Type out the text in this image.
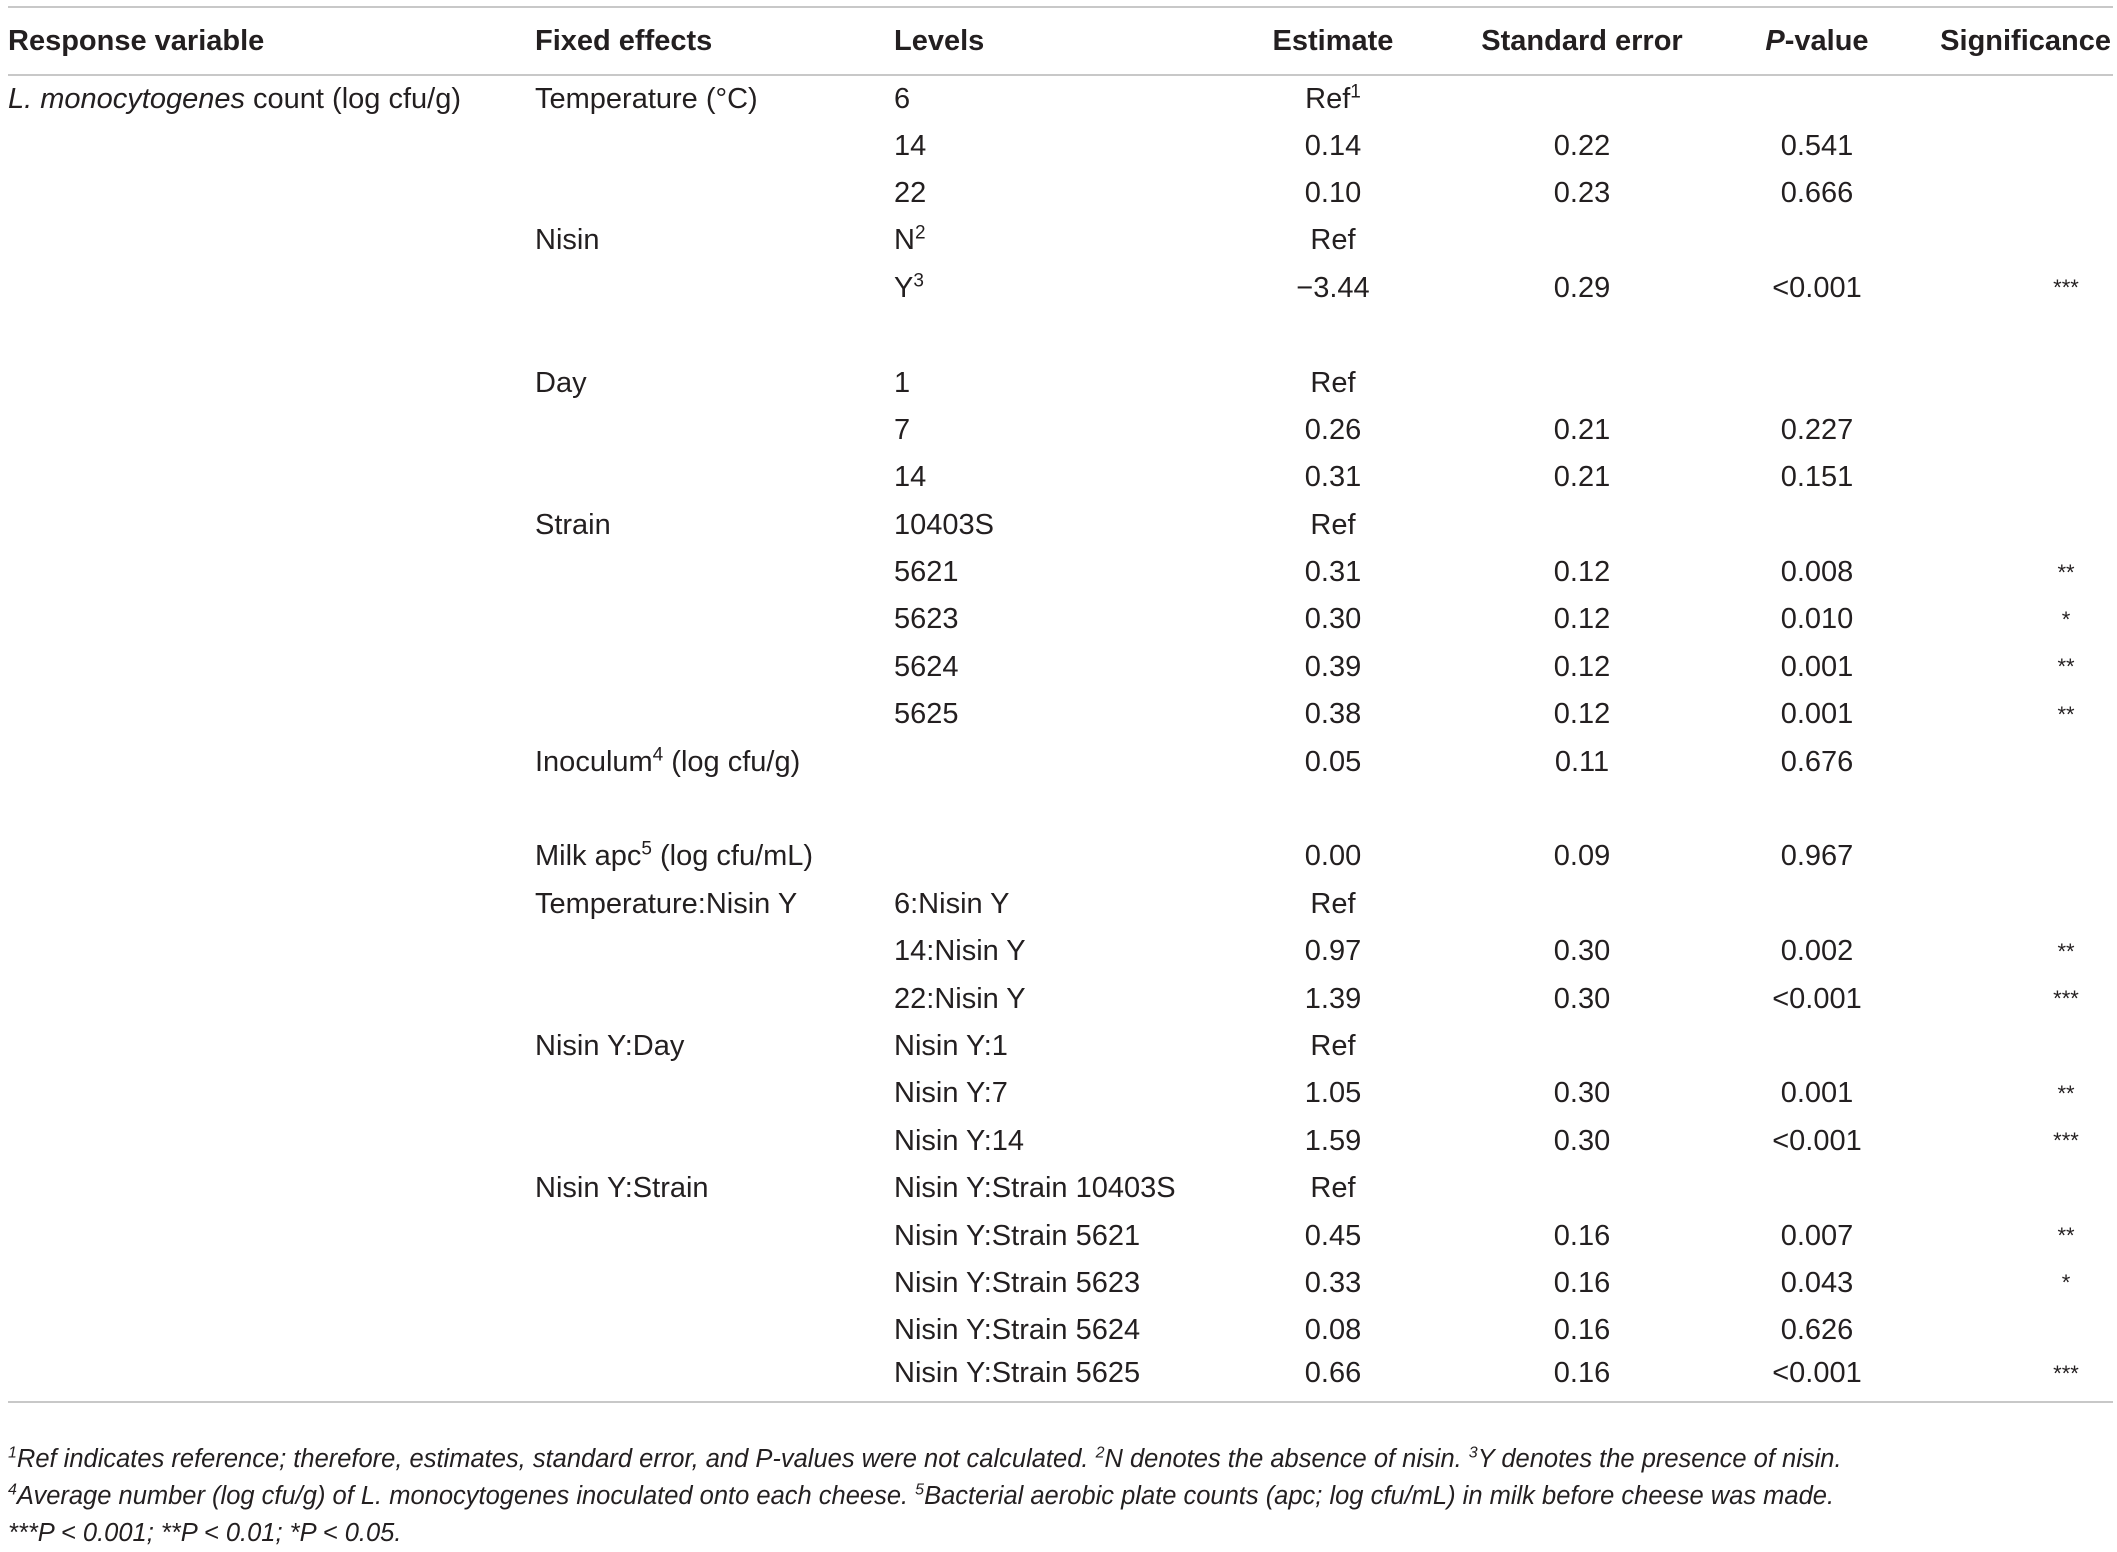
Response variable	Fixed effects	Levels	Estimate	Standard error	P-value	Significance
L. monocytogenes count (log cfu/g)	Temperature (°C)	6	Ref$^1$			
		14	0.14	0.22	0.541	
		22	0.10	0.23	0.666	
	Nisin	$N^2$	Ref			
		$Y^3$	−3.44	0.29	<0.001	***

	Day	1	Ref			
		7	0.26	0.21	0.227	
		14	0.31	0.21	0.151	
	Strain	10403S	Ref			
		5621	0.31	0.12	0.008	**
		5623	0.30	0.12	0.010	*
		5624	0.39	0.12	0.001	**
		5625	0.38	0.12	0.001	**
	Inoculum$^4$ (log cfu/g)		0.05	0.11	0.676	

	Milk apc$^5$ (log cfu/mL)		0.00	0.09	0.967	
	Temperature:Nisin Y	6:Nisin Y	Ref			
		14:Nisin Y	0.97	0.30	0.002	**
		22:Nisin Y	1.39	0.30	<0.001	***
	Nisin Y:Day	Nisin Y:1	Ref			
		Nisin Y:7	1.05	0.30	0.001	**
		Nisin Y:14	1.59	0.30	<0.001	***
	Nisin Y:Strain	Nisin Y:Strain 10403S	Ref			
		Nisin Y:Strain 5621	0.45	0.16	0.007	**
		Nisin Y:Strain 5623	0.33	0.16	0.043	*
		Nisin Y:Strain 5624	0.08	0.16	0.626	
		Nisin Y:Strain 5625	0.66	0.16	<0.001	***

$^1$Ref indicates reference; therefore, estimates, standard error, and P-values were not calculated. $^2$N denotes the absence of nisin. $^3$Y denotes the presence of nisin.

$^4$Average number (log cfu/g) of L. monocytogenes inoculated onto each cheese. $^5$Bacterial aerobic plate counts (apc; log cfu/mL) in milk before cheese was made.

***P < 0.001; **P < 0.01; *P < 0.05.
